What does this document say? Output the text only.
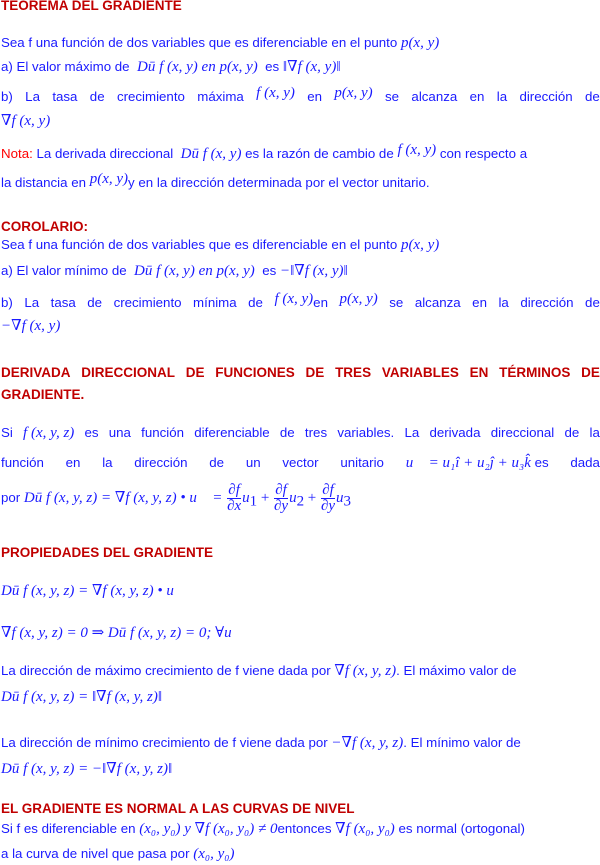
TEOREMA DEL GRADIENTE
Sea f una función de dos variables que es diferenciable en el punto p(x, y)
a) El valor máximo de Dū f (x, y) en p(x, y) es ‖∇f (x, y)‖
b) La tasa de crecimiento máxima f (x, y) en p(x, y) se alcanza en la dirección de
∇f (x, y)
Nota: La derivada direccional Dū f (x, y) es la razón de cambio de f (x, y) con respecto a
la distancia en p(x, y)y en la dirección determinada por el vector unitario.
COROLARIO:
Sea f una función de dos variables que es diferenciable en el punto p(x, y)
a) El valor mínimo de Dū f (x, y) en p(x, y) es −‖∇f (x, y)‖
b) La tasa de crecimiento mínima de f (x, y)en p(x, y) se alcanza en la dirección de
−∇f (x, y)
DERIVADA DIRECCIONAL DE FUNCIONES DE TRES VARIABLES EN TÉRMINOS DE
GRADIENTE.
Si f (x, y, z) es una función diferenciable de tres variables. La derivada direccional de la
función en la dirección de un vector unitario u⃗ = u₁î + u₂ĵ + u₃k̂ es dada
por Dū f (x, y, z) = ∇f (x, y, z) • u⃗ = $\frac{\partial f}{\partial x} u_1 + \frac{\partial f}{\partial y} u_2 + \frac{\partial f}{\partial y} u_3$
PROPIEDADES DEL GRADIENTE
Dū f (x, y, z) = ∇f (x, y, z) • u⃗
∇f (x, y, z) = 0 ⇒ Dū f (x, y, z) = 0; ∀u⃗
La dirección de máximo crecimiento de f viene dada por ∇f (x, y, z). El máximo valor de
Dū f (x, y, z) = ‖∇f (x, y, z)‖
La dirección de mínimo crecimiento de f viene dada por −∇f (x, y, z). El mínimo valor de
Dū f (x, y, z) = −‖∇f (x, y, z)‖
EL GRADIENTE ES NORMAL A LAS CURVAS DE NIVEL
Si f es diferenciable en (x₀, y₀) y ∇f (x₀, y₀) ≠ 0entonces ∇f (x₀, y₀) es normal (ortogonal)
a la curva de nivel que pasa por (x₀, y₀)
